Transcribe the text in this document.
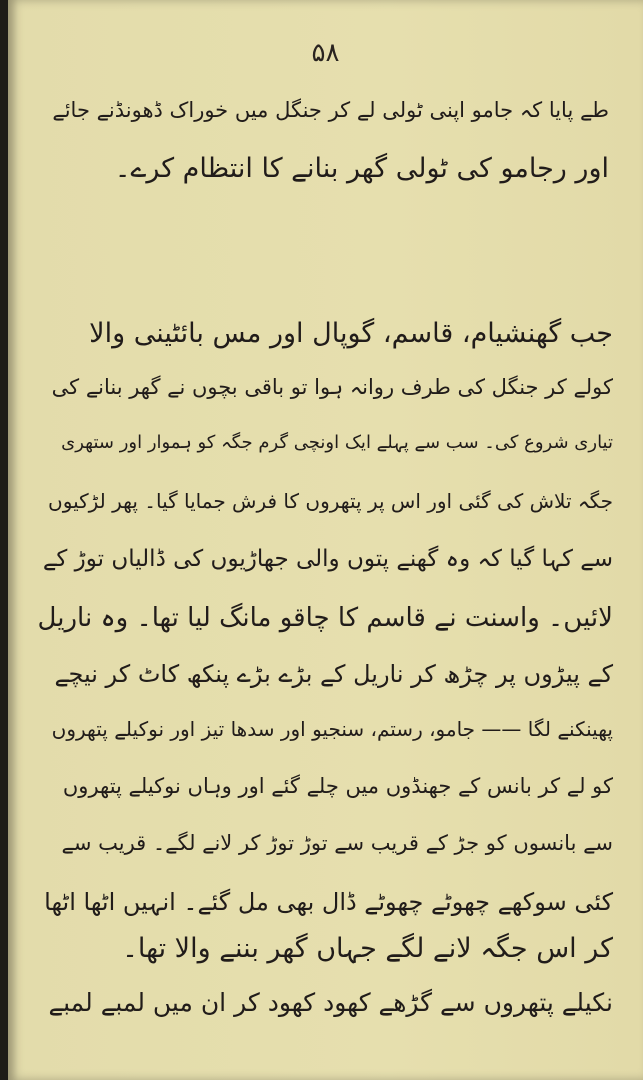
۵۸
طے پایا کہ جامو اپنی ٹولی لے کر جنگل میں خوراک ڈھونڈنے جائے
اور رجامو کی ٹولی گھر بنانے کا انتظام کرے۔
جب گھنشیام، قاسم، گوپال اور مس بائٹینی والا
کولے کر جنگل کی طرف روانہ ہوا تو باقی بچوں نے گھر بنانے کی
تیاری شروع کی۔ سب سے پہلے ایک اونچی گرم جگہ کو ہموار اور ستھری
جگہ تلاش کی گئی اور اس پر پتھروں کا فرش جمایا گیا۔ پھر لڑکیوں
سے کہا گیا کہ وہ گھنے پتوں والی جھاڑیوں کی ڈالیاں توڑ کے
لائیں۔ واسنت نے قاسم کا چاقو مانگ لیا تھا۔ وہ ناریل
کے پیڑوں پر چڑھ کر ناریل کے بڑے بڑے پنکھ کاٹ کر نیچے
پھینکنے لگا —— جامو، رستم، سنجیو اور سدھا تیز اور نوکیلے پتھروں
کو لے کر بانس کے جھنڈوں میں چلے گئے اور وہاں نوکیلے پتھروں
سے بانسوں کو جڑ کے قریب سے توڑ توڑ کر لانے لگے۔ قریب سے
کئی سوکھے چھوٹے چھوٹے ڈال بھی مل گئے۔ انہیں اٹھا اٹھا
کر اس جگہ لانے لگے جہاں گھر بننے والا تھا۔
نکیلے پتھروں سے گڑھے کھود کھود کر ان میں لمبے لمبے
